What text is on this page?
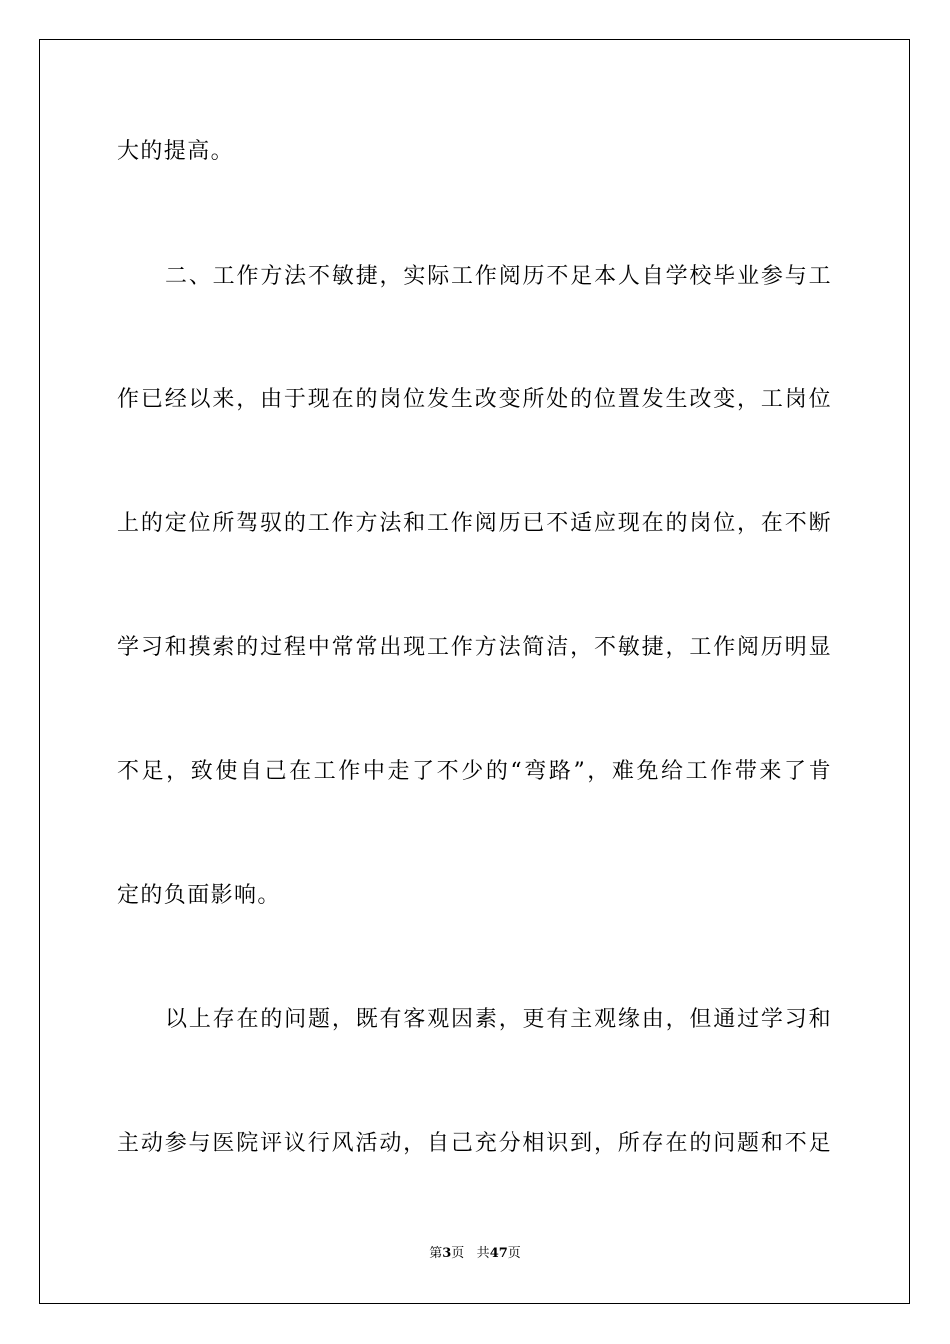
大的提高。
二、工作方法不敏捷，实际工作阅历不足本人自学校毕业参与工
作已经以来，由于现在的岗位发生改变所处的位置发生改变，工岗位
上的定位所驾驭的工作方法和工作阅历已不适应现在的岗位，在不断
学习和摸索的过程中常常出现工作方法简洁，不敏捷，工作阅历明显
不足，致使自己在工作中走了不少的“弯路”，难免给工作带来了肯
定的负面影响。
以上存在的问题，既有客观因素，更有主观缘由，但通过学习和
主动参与医院评议行风活动，自己充分相识到，所存在的问题和不足
第3页 共47页
